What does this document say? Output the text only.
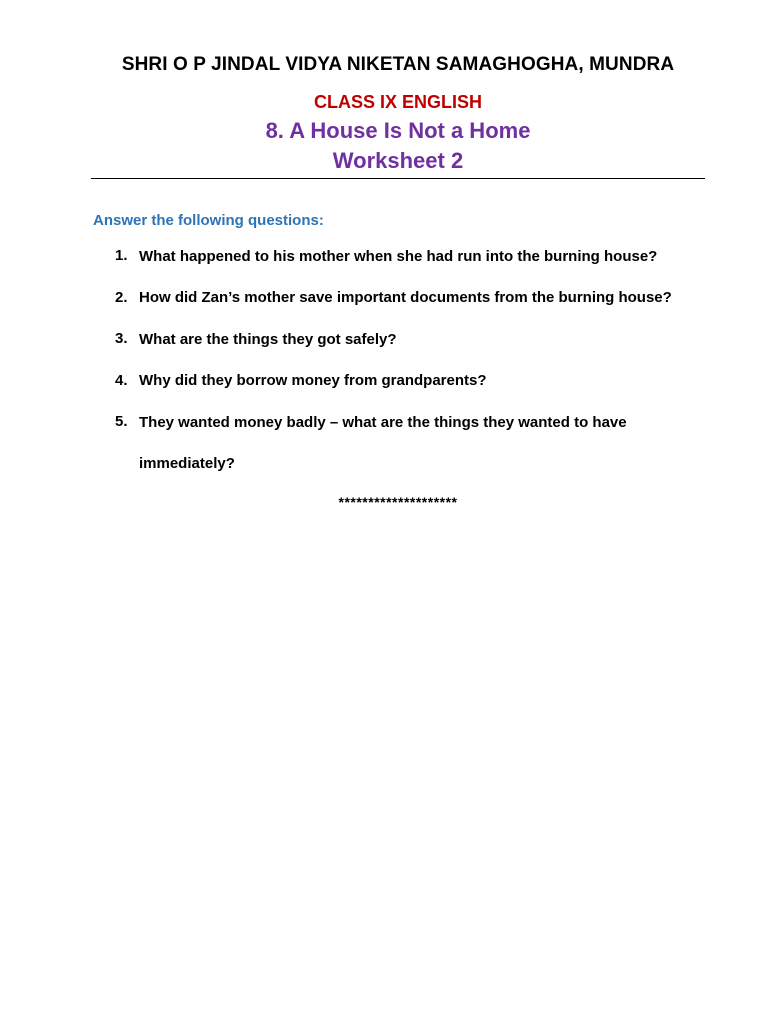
SHRI O P JINDAL VIDYA NIKETAN SAMAGHOGHA, MUNDRA
CLASS IX ENGLISH
8. A House Is Not a Home
Worksheet 2
Answer the following questions:
1. What happened to his mother when she had run into the burning house?
2. How did Zan’s mother save important documents from the burning house?
3. What are the things they got safely?
4. Why did they borrow money from grandparents?
5. They wanted money badly – what are the things they wanted to have immediately?
********************
